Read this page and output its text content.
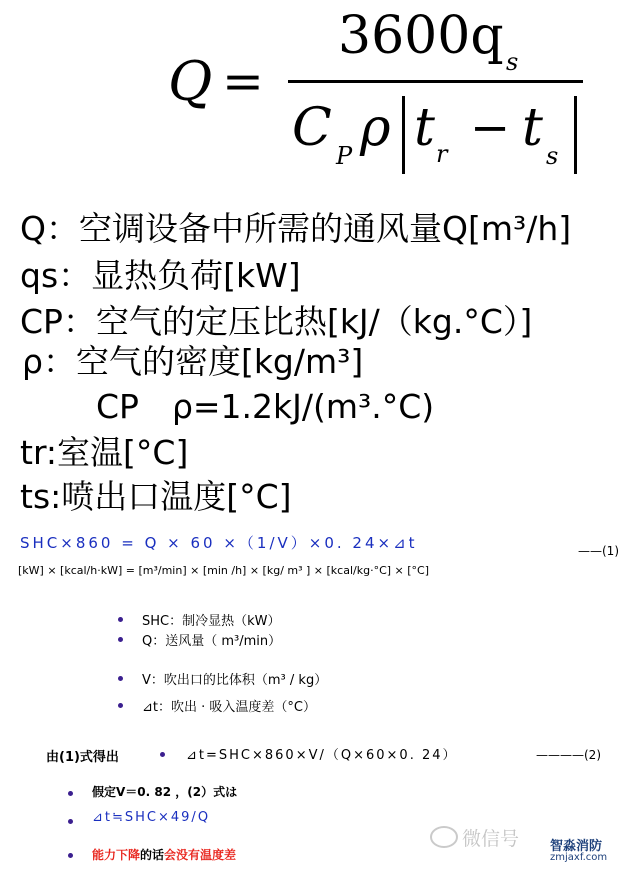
Q =
3600q s
C P ρ t r − t s
Q：空调设备中所需的通风量Q[m³/h]
qs：显热负荷[kW]
CP：空气的定压比热[kJ/（kg.°C）]
ρ：空气的密度[kg/m³]
CP　ρ=1.2kJ/(m³.°C)
tr:室温[°C]
ts:喷出口温度[°C]
SHC×860 = Q × 60 ×（1/V）×0. 24×⊿t	——(1)
[kW] × [kcal/h·kW] = [m³/min] × [min /h] × [kg/ m³ ] × [kcal/kg·°C] × [°C]
SHC：制冷显热（kW）
Q：送风量（ m³/min）
V：吹出口的比体积（m³ / kg）
⊿t：吹出 · 吸入温度差（°C）
由(1)式得出	⊿t=SHC×860×V/（Q×60×0. 24）	————(2)
假定V＝0. 82 ，(2）式は
⊿t≒SHC×49/Q
能力下降的话会没有温度差
微信号 智淼消防
zmjaxf.com
